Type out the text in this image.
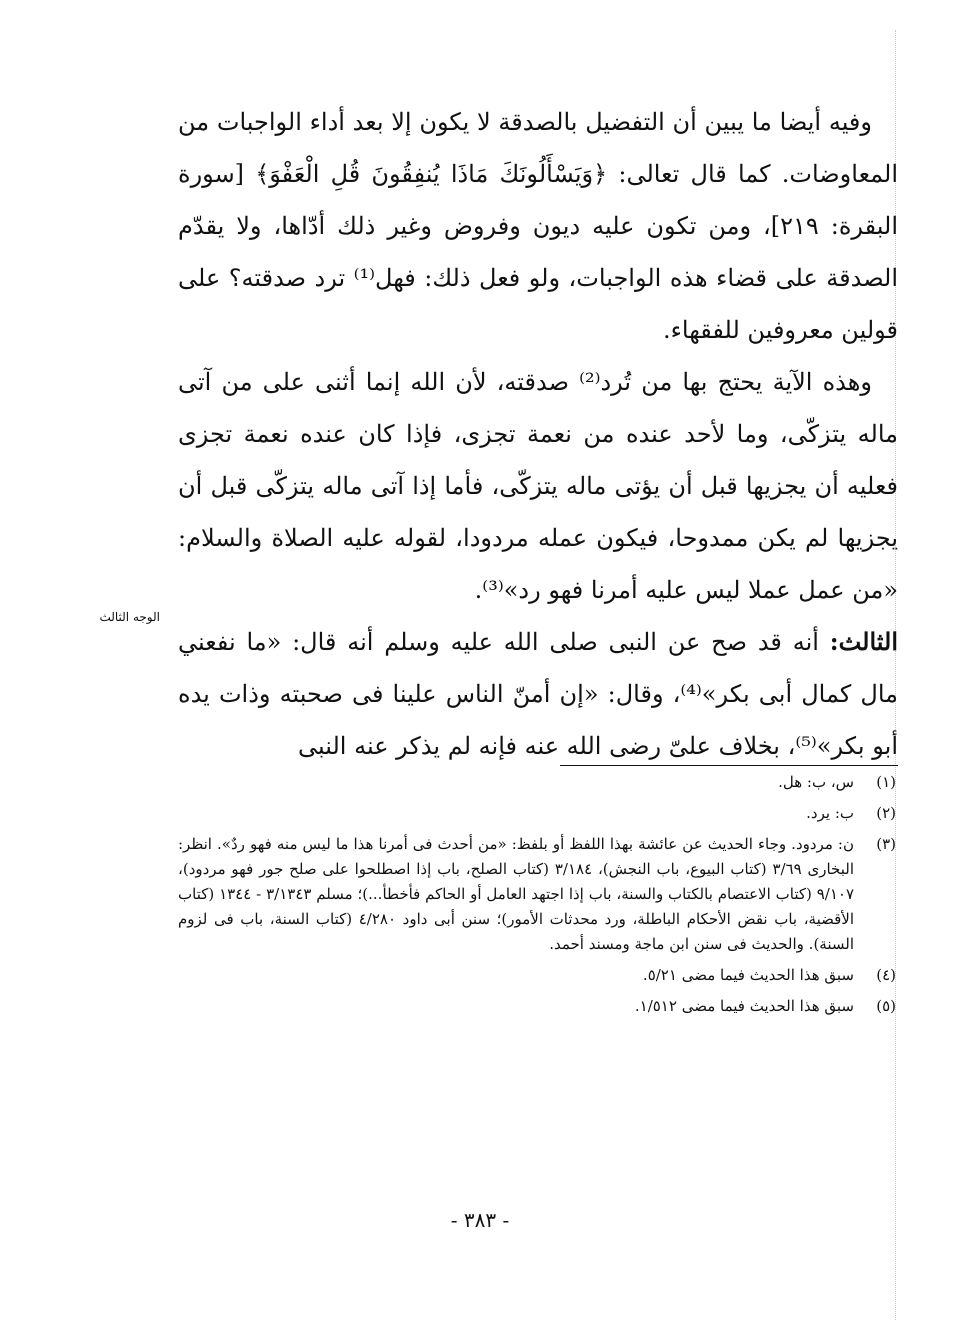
وفيه أيضا ما يبين أن التفضيل بالصدقة لا يكون إلا بعد أداء الواجبات من المعاوضات. كما قال تعالى: ﴿وَيَسْأَلُونَكَ مَاذَا يُنفِقُونَ قُلِ الْعَفْوَ﴾ [سورة البقرة: ٢١٩]، ومن تكون عليه ديون وفروض وغير ذلك أدّاها، ولا يقدّم الصدقة على قضاء هذه الواجبات، ولو فعل ذلك: فهل⁽¹⁾ ترد صدقته؟ على قولين معروفين للفقهاء.

وهذه الآية يحتج بها من تُرد⁽²⁾ صدقته، لأن الله إنما أثنى على من آتى ماله يتزكّى، وما لأحد عنده من نعمة تجزى، فإذا كان عنده نعمة تجزى فعليه أن يجزيها قبل أن يؤتى ماله يتزكّى، فأما إذا آتى ماله يتزكّى قبل أن يجزيها لم يكن ممدوحا، فيكون عمله مردودا، لقوله عليه الصلاة والسلام: «من عمل عملا ليس عليه أمرنا فهو رد»⁽³⁾.

الثالث: أنه قد صح عن النبى صلى الله عليه وسلم أنه قال: «ما نفعني مال كمال أبى بكر»⁽⁴⁾، وقال: «إن أمنّ الناس علينا فى صحبته وذات يده أبو بكر»⁽⁵⁾، بخلاف علىّ رضى الله عنه فإنه لم يذكر عنه النبى

الوجه الثالث
(١)
س، ب: هل.
(٢)
ب: يرد.
(٣)
ن: مردود. وجاء الحديث عن عائشة بهذا اللفظ أو بلفظ: «من أحدث فى أمرنا هذا ما ليس منه فهو ردٌ». انظر: البخارى ٣/٦٩ (كتاب البيوع، باب النجش)، ٣/١٨٤ (كتاب الصلح، باب إذا اصطلحوا على صلح جور فهو مردود)، ٩/١٠٧ (كتاب الاعتصام بالكتاب والسنة، باب إذا اجتهد العامل أو الحاكم فأخطأ...)؛ مسلم ٣/١٣٤٣ - ١٣٤٤ (كتاب الأقضية، باب نقض الأحكام الباطلة، ورد محدثات الأمور)؛ سنن أبى داود ٤/٢٨٠ (كتاب السنة، باب فى لزوم السنة). والحديث فى سنن ابن ماجة ومسند أحمد.
(٤)
سبق هذا الحديث فيما مضى ٥/٢١.
(٥)
سبق هذا الحديث فيما مضى ١/٥١٢.
- ٣٨٣ -
